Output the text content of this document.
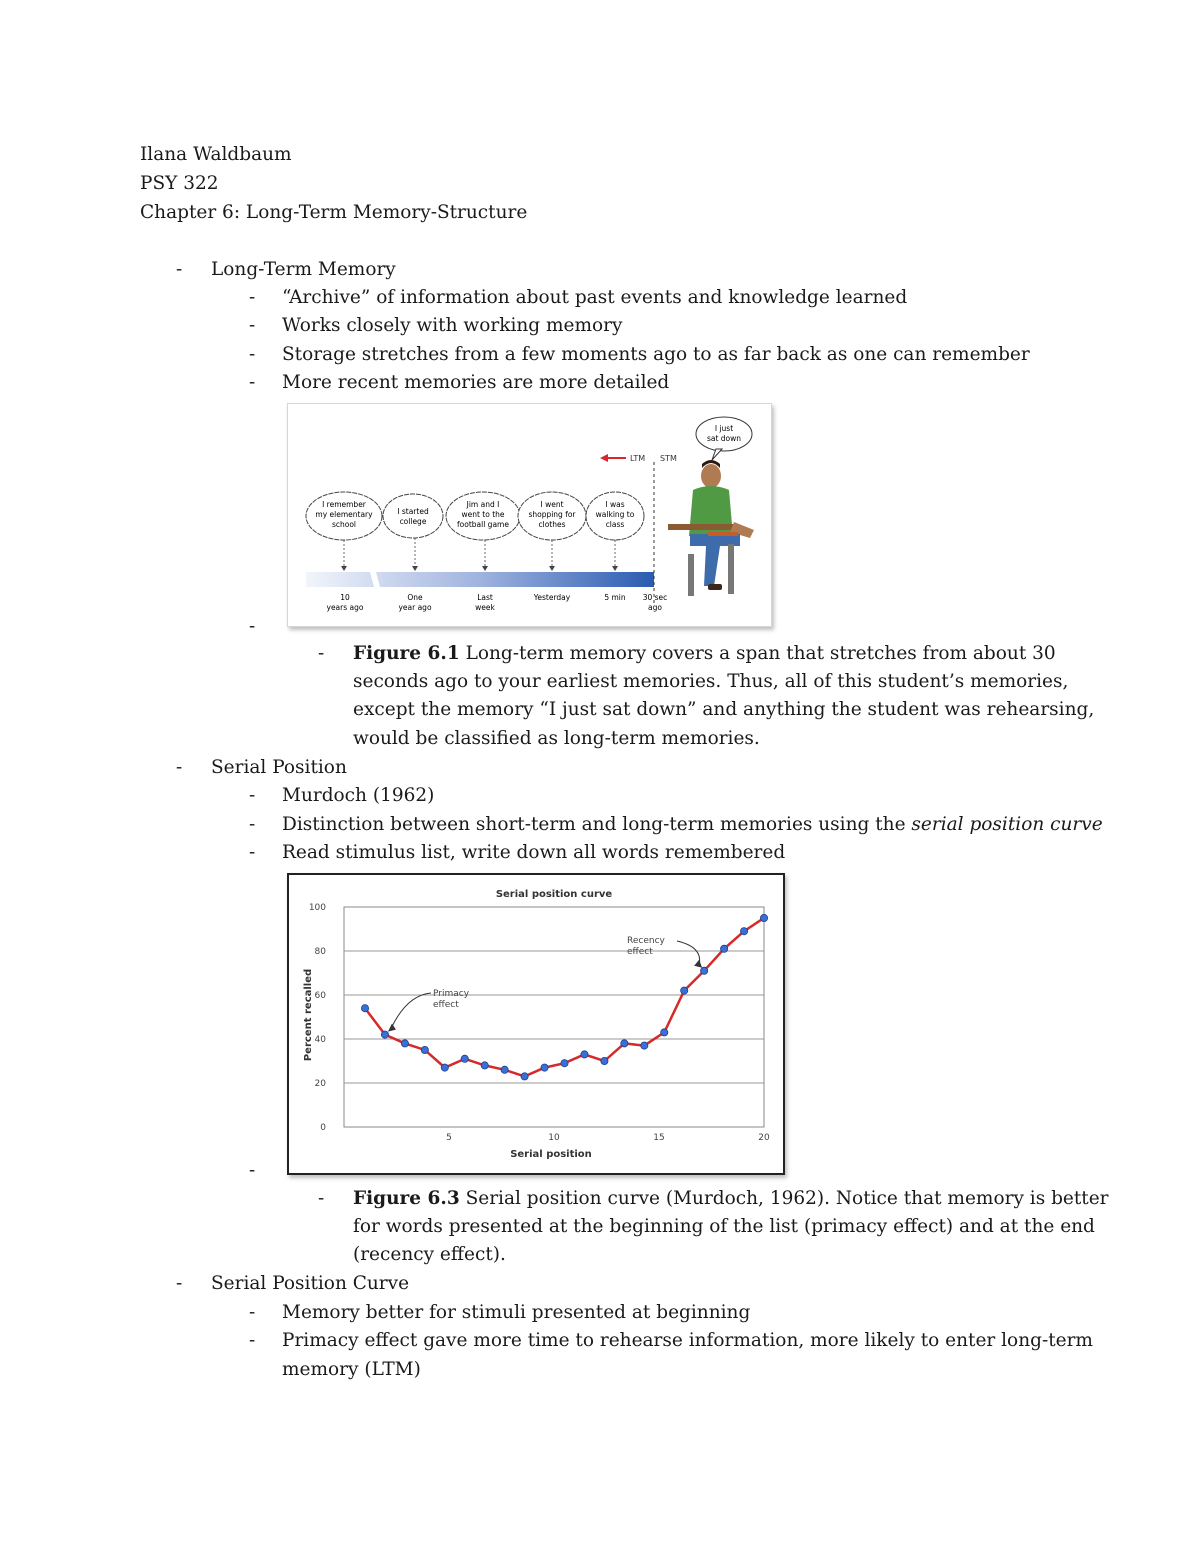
Ilana Waldbaum
PSY 322
Chapter 6: Long-Term Memory-Structure
- Long-Term Memory
- “Archive” of information about past events and knowledge learned
- Works closely with working memory
- Storage stretches from a few moments ago to as far back as one can remember
- More recent memories are more detailed
LTM STM
I remember
my elementary
school
I started
college
Jim and I
went to the
football game
I went
shopping for
clothes
I was
walking to
class
10
years ago
One
year ago
Last
week
Yesterday	5 min 30 sec
ago
I just
sat down
-
- Figure 6.1 Long-term memory covers a span that stretches from about 30
seconds ago to your earliest memories. Thus, all of this student’s memories,
except the memory “I just sat down” and anything the student was rehearsing,
would be classified as long-term memories.
- Serial Position
- Murdoch (1962)
- Distinction between short-term and long-term memories using the serial position curve
- Read stimulus list, write down all words remembered
Serial position curve
Serial position
Percent recalled
0
20
40
60
80
100
5	10	15	20
Primacy
effect
Recency
effect
-
- Figure 6.3 Serial position curve (Murdoch, 1962). Notice that memory is better
for words presented at the beginning of the list (primacy effect) and at the end
(recency effect).
- Serial Position Curve
- Memory better for stimuli presented at beginning
- Primacy effect gave more time to rehearse information, more likely to enter long-term
memory (LTM)
